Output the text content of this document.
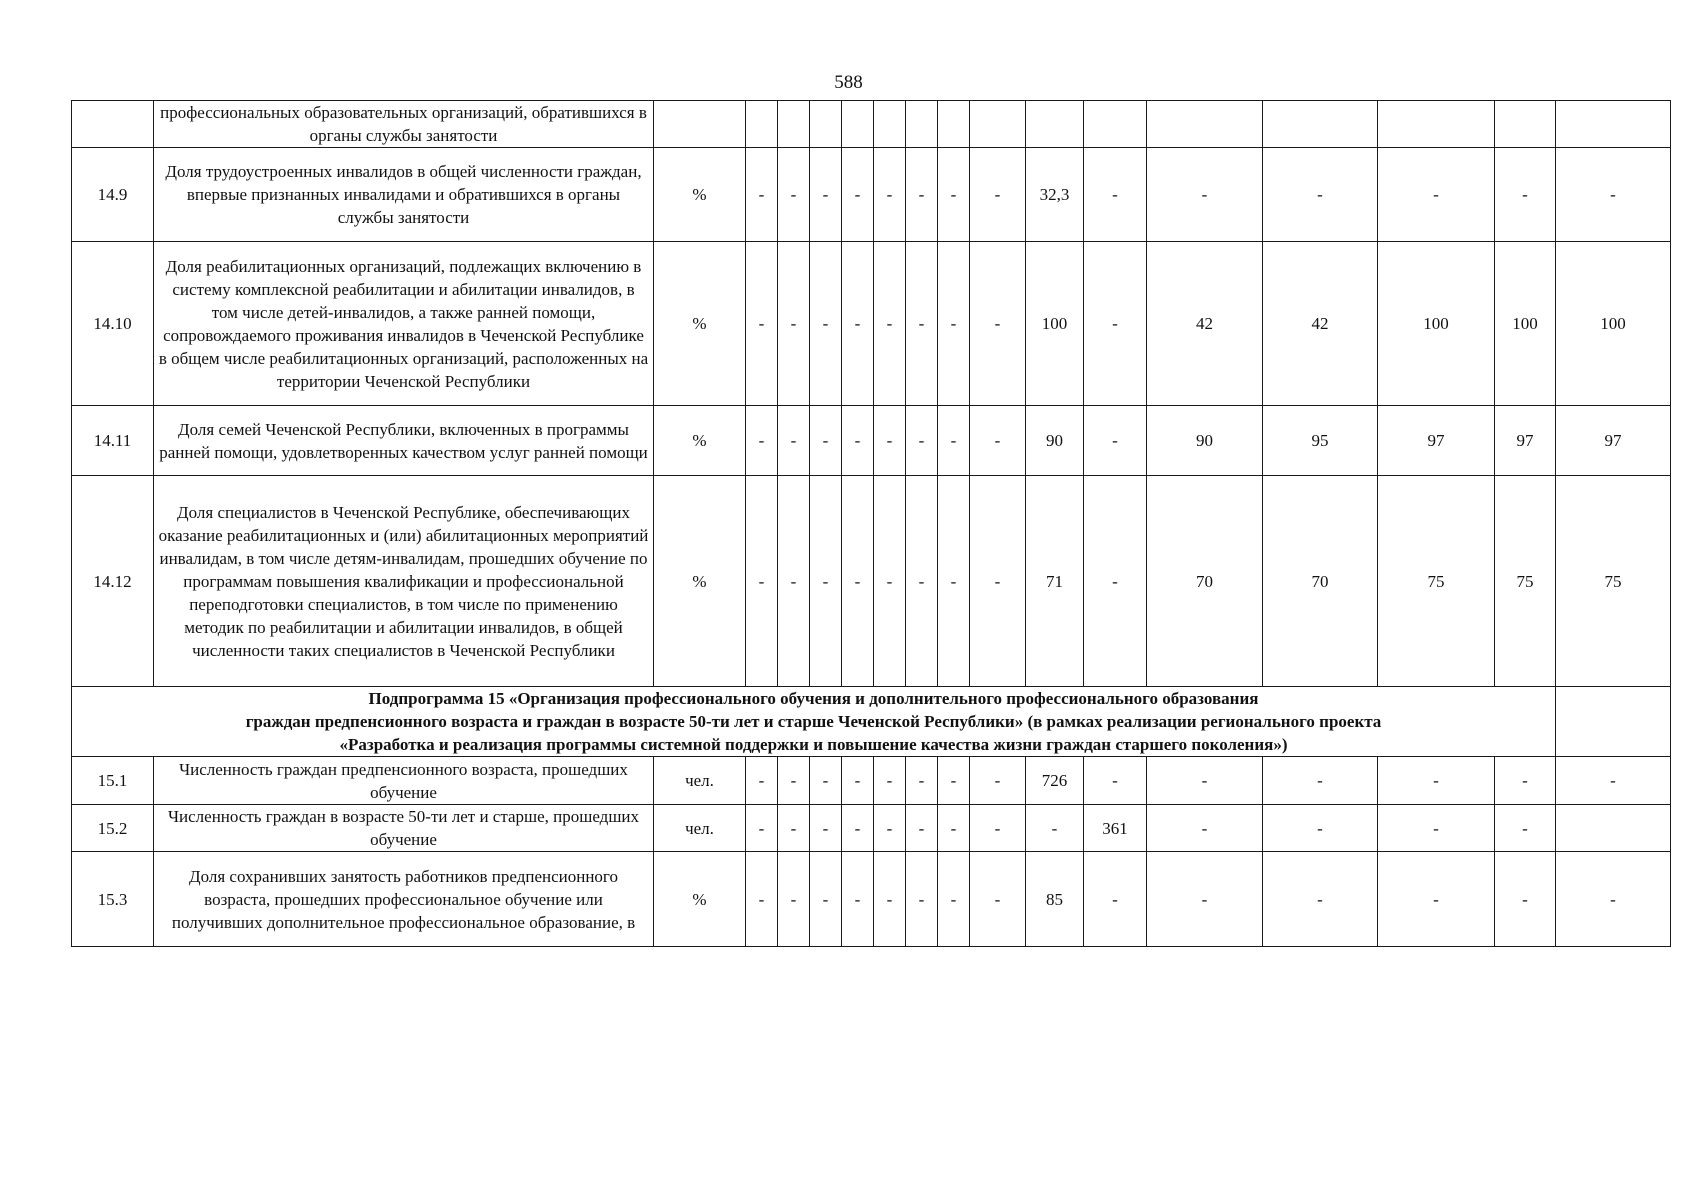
588
	профессиональных образовательных организаций, обратившихся в органы службы занятости																
14.9	Доля трудоустроенных инвалидов в общей численности граждан, впервые признанных инвалидами и обратившихся в органы службы занятости	%	-	-	-	-	-	-	-	-	32,3	-	-	-	-	-	-
14.10	Доля реабилитационных организаций, подлежащих включению в систему комплексной реабилитации и абилитации инвалидов, в том числе детей-инвалидов, а также ранней помощи, сопровождаемого проживания инвалидов в Чеченской Республике в общем числе реабилитационных организаций, расположенных на территории Чеченской Республики	%	-	-	-	-	-	-	-	-	100	-	42	42	100	100	100
14.11	Доля семей Чеченской Республики, включенных в программы ранней помощи, удовлетворенных качеством услуг ранней помощи	%	-	-	-	-	-	-	-	-	90	-	90	95	97	97	97
14.12	Доля специалистов в Чеченской Республике, обеспечивающих оказание реабилитационных и (или) абилитационных мероприятий инвалидам, в том числе детям-инвалидам, прошедших обучение по программам повышения квалификации и профессиональной переподготовки специалистов, в том числе по применению методик по реабилитации и абилитации инвалидов, в общей численности таких специалистов в Чеченской Республики	%	-	-	-	-	-	-	-	-	71	-	70	70	75	75	75

Подпрограмма 15 «Организация профессионального обучения и дополнительного профессионального образования
граждан предпенсионного возраста и граждан в возрасте 50-ти лет и старше Чеченской Республики» (в рамках реализации регионального проекта
«Разработка и реализация программы системной поддержки и повышение качества жизни граждан старшего поколения»)																	

15.1	Численность граждан предпенсионного возраста, прошедших обучение	чел.	-	-	-	-	-	-	-	-	726	-	-	-	-	-	-
15.2	Численность граждан в возрасте 50-ти лет и старше, прошедших обучение	чел.	-	-	-	-	-	-	-	-	-	361	-	-	-	-	
15.3	Доля сохранивших занятость работников предпенсионного возраста, прошедших профессиональное обучение или получивших дополнительное профессиональное образование, в	%	-	-	-	-	-	-	-	-	85	-	-	-	-	-	-
